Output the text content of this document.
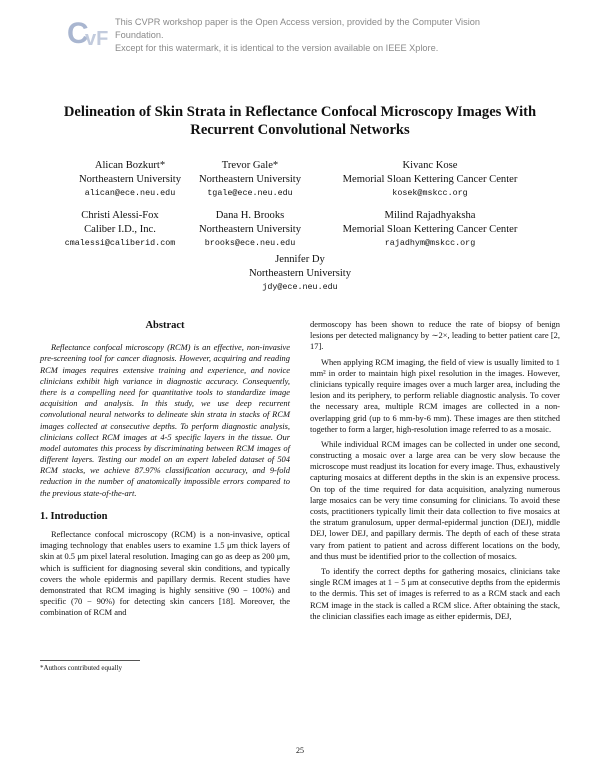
C
vF
This CVPR workshop paper is the Open Access version, provided by the Computer Vision Foundation.
Except for this watermark, it is identical to the version available on IEEE Xplore.
Delineation of Skin Strata in Reflectance Confocal Microscopy Images With
Recurrent Convolutional Networks
Alican Bozkurt*
Northeastern University
alican@ece.neu.edu
Trevor Gale*
Northeastern University
tgale@ece.neu.edu
Kivanc Kose
Memorial Sloan Kettering Cancer Center
kosek@mskcc.org
Christi Alessi-Fox
Caliber I.D., Inc.
cmalessi@caliberid.com
Dana H. Brooks
Northeastern University
brooks@ece.neu.edu
Milind Rajadhyaksha
Memorial Sloan Kettering Cancer Center
rajadhym@mskcc.org
Jennifer Dy
Northeastern University
jdy@ece.neu.edu
Abstract

Reflectance confocal microscopy (RCM) is an effective, non-invasive pre-screening tool for cancer diagnosis. However, acquiring and reading RCM images requires extensive training and experience, and novice clinicians exhibit high variance in diagnostic accuracy. Consequently, there is a compelling need for quantitative tools to standardize image acquisition and analysis. In this study, we use deep recurrent convolutional neural networks to delineate skin strata in stacks of RCM images collected at consecutive depths. To perform diagnostic analysis, clinicians collect RCM images at 4-5 specific layers in the tissue. Our model automates this process by discriminating between RCM images of different layers. Testing our model on an expert labeled dataset of 504 RCM stacks, we achieve 87.97% classification accuracy, and 9-fold reduction in the number of anatomically impossible errors compared to the previous state-of-the-art.

1. Introduction

Reflectance confocal microscopy (RCM) is a non-invasive, optical imaging technology that enables users to examine 1.5 μm thick layers of skin at 0.5 μm pixel lateral resolution. Imaging can go as deep as 200 μm, which is sufficient for diagnosing several skin conditions, and typically covers the whole epidermis and papillary dermis. Recent studies have demonstrated that RCM imaging is highly sensitive (90 − 100%) and specific (70 − 90%) for detecting skin cancers [18]. Moreover, the combination of RCM and

dermoscopy has been shown to reduce the rate of biopsy of benign lesions per detected malignancy by ∼2×, leading to better patient care [2, 17].

When applying RCM imaging, the field of view is usually limited to 1 mm² in order to maintain high pixel resolution in the images. However, clinicians typically require images over a much larger area, including the lesion and its periphery, to perform reliable diagnostic analysis. To cover the necessary area, multiple RCM images are collected in a non-overlapping grid (up to 6 mm-by-6 mm). These images are then stitched together to form a larger, high-resolution image referred to as a mosaic.

While individual RCM images can be collected in under one second, constructing a mosaic over a large area can be very slow because the microscope must readjust its location for every image. Thus, exhaustively capturing mosaics at different depths in the skin is an expensive process. On top of the time required for data acquisition, analyzing numerous large mosaics can be very time consuming for clinicians. To avoid these costs, practitioners typically limit their data collection to five mosaics at the stratum granulosum, upper dermal-epidermal junction (DEJ), middle DEJ, lower DEJ, and papillary dermis. The depth of each of these strata vary from patient to patient and across different locations on the body, and thus must be identified prior to the collection of mosaics.

To identify the correct depths for gathering mosaics, clinicians take single RCM images at 1 − 5 μm at consecutive depths from the epidermis to the dermis. This set of images is referred to as a RCM stack and each RCM image in the stack is called a RCM slice. After obtaining the stack, the clinician classifies each image as either epidermis, DEJ,

*Authors contributed equally
25
